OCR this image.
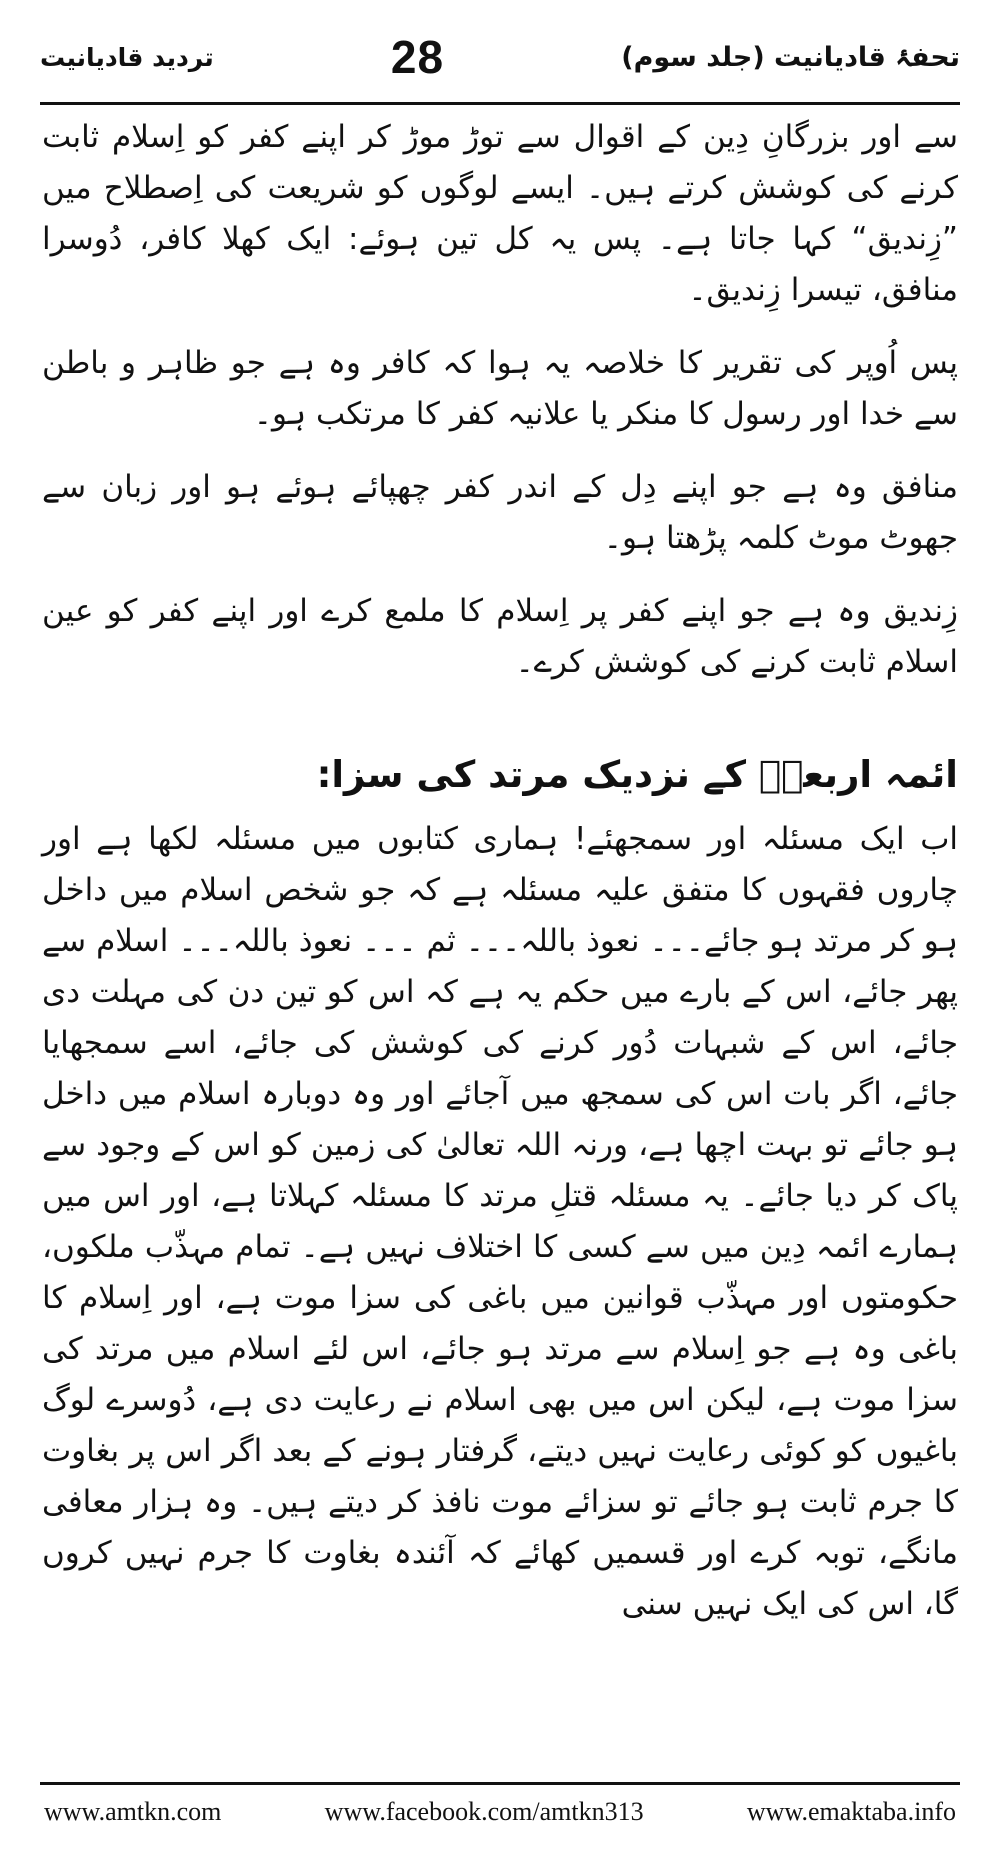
تحفۂ قادیانیت (جلد سوم)
28
تردید قادیانیت

سے اور بزرگانِ دِین کے اقوال سے توڑ موڑ کر اپنے کفر کو اِسلام ثابت کرنے کی کوشش کرتے ہیں۔ ایسے لوگوں کو شریعت کی اِصطلاح میں ”زِندیق“ کہا جاتا ہے۔ پس یہ کل تین ہوئے: ایک کھلا کافر، دُوسرا منافق، تیسرا زِندیق۔

پس اُوپر کی تقریر کا خلاصہ یہ ہوا کہ کافر وہ ہے جو ظاہر و باطن سے خدا اور رسول کا منکر یا علانیہ کفر کا مرتکب ہو۔

منافق وہ ہے جو اپنے دِل کے اندر کفر چھپائے ہوئے ہو اور زبان سے جھوٹ موٹ کلمہ پڑھتا ہو۔

زِندیق وہ ہے جو اپنے کفر پر اِسلام کا ملمع کرے اور اپنے کفر کو عین اسلام ثابت کرنے کی کوشش کرے۔

ائمہ اربعہؒ کے نزدیک مرتد کی سزا:

اب ایک مسئلہ اور سمجھئے! ہماری کتابوں میں مسئلہ لکھا ہے اور چاروں فقہوں کا متفق علیہ مسئلہ ہے کہ جو شخص اسلام میں داخل ہو کر مرتد ہو جائے۔۔۔ نعوذ باللہ۔۔۔ ثم ۔۔۔ نعوذ باللہ۔۔۔ اسلام سے پھر جائے، اس کے بارے میں حکم یہ ہے کہ اس کو تین دن کی مہلت دی جائے، اس کے شبہات دُور کرنے کی کوشش کی جائے، اسے سمجھایا جائے، اگر بات اس کی سمجھ میں آجائے اور وہ دوبارہ اسلام میں داخل ہو جائے تو بہت اچھا ہے، ورنہ اللہ تعالیٰ کی زمین کو اس کے وجود سے پاک کر دیا جائے۔ یہ مسئلہ قتلِ مرتد کا مسئلہ کہلاتا ہے، اور اس میں ہمارے ائمہ دِین میں سے کسی کا اختلاف نہیں ہے۔ تمام مہذّب ملکوں، حکومتوں اور مہذّب قوانین میں باغی کی سزا موت ہے، اور اِسلام کا باغی وہ ہے جو اِسلام سے مرتد ہو جائے، اس لئے اسلام میں مرتد کی سزا موت ہے، لیکن اس میں بھی اسلام نے رعایت دی ہے، دُوسرے لوگ باغیوں کو کوئی رعایت نہیں دیتے، گرفتار ہونے کے بعد اگر اس پر بغاوت کا جرم ثابت ہو جائے تو سزائے موت نافذ کر دیتے ہیں۔ وہ ہزار معافی مانگے، توبہ کرے اور قسمیں کھائے کہ آئندہ بغاوت کا جرم نہیں کروں گا، اس کی ایک نہیں سنی

www.amtkn.com	www.facebook.com/amtkn313	www.emaktaba.info
